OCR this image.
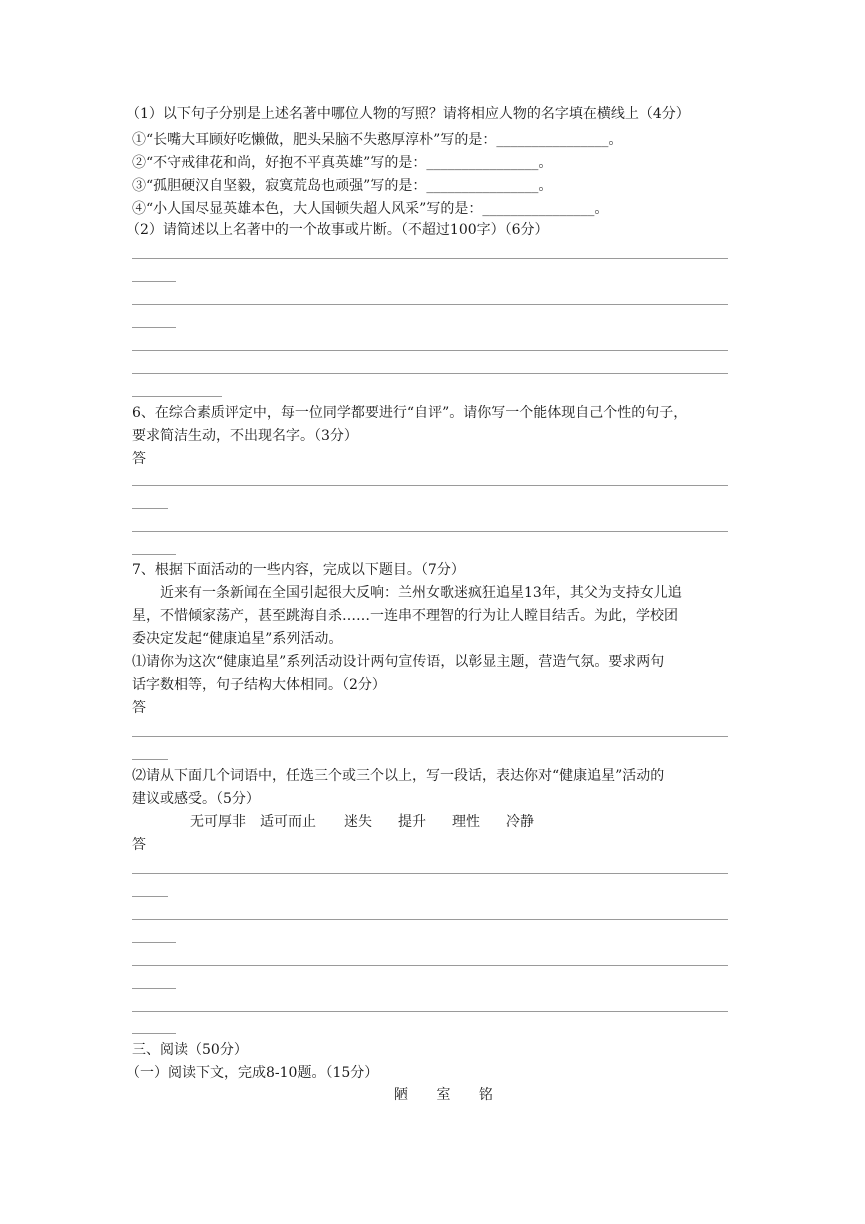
（1）以下句子分别是上述名著中哪位人物的写照？请将相应人物的名字填在横线上（4分）
①“长嘴大耳顾好吃懒做，肥头呆脑不失憨厚淳朴”写的是：________________。
②“不守戒律花和尚，好抱不平真英雄”写的是：________________。
③“孤胆硬汉自坚毅，寂寞荒岛也顽强”写的是：________________。
④“小人国尽显英雄本色，大人国顿失超人风采”写的是：________________。
（2）请简述以上名著中的一个故事或片断。（不超过100字）（6分）
6、在综合素质评定中，每一位同学都要进行“自评”。请你写一个能体现自己个性的句子，
要求简洁生动，不出现名字。（3分）
答
7、根据下面活动的一些内容，完成以下题目。（7分）
近来有一条新闻在全国引起很大反响：兰州女歌迷疯狂追星13年，其父为支持女儿追
星，不惜倾家荡产，甚至跳海自杀……一连串不理智的行为让人瞠目结舌。为此，学校团
委决定发起“健康追星”系列活动。
⑴请你为这次“健康追星”系列活动设计两句宣传语，以彰显主题，营造气氛。要求两句
话字数相等，句子结构大体相同。（2分）
答
⑵请从下面几个词语中，任选三个或三个以上，写一段话，表达你对“健康追星”活动的
建议或感受。（5分）
无可厚非 适可而止 迷失 提升 理性 冷静
答
三、阅读（50分）
（一）阅读下文，完成8-10题。（15分）
陋 室 铭
